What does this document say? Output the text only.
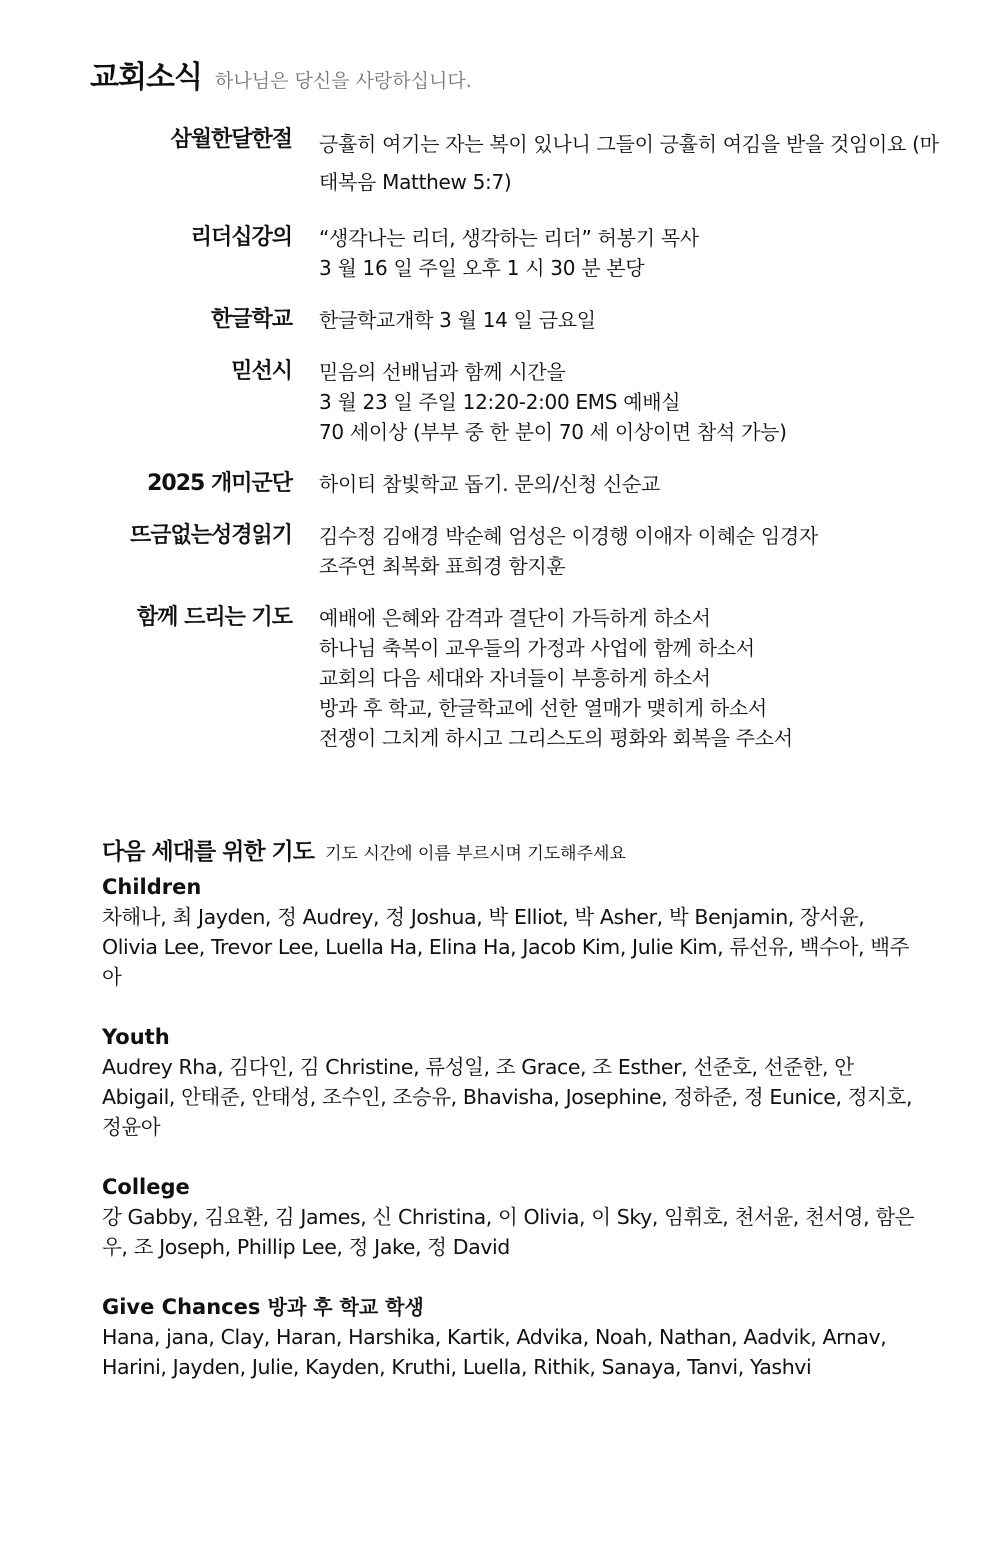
교회소식 하나님은 당신을 사랑하십니다.
삼월한달한절 긍휼히 여기는 자는 복이 있나니 그들이 긍휼히 여김을 받을 것임이요 (마태복음 Matthew 5:7)
리더십강의 “생각나는 리더, 생각하는 리더” 허봉기 목사
3 월 16 일 주일 오후 1 시 30 분 본당
한글학교 한글학교개학 3 월 14 일 금요일
믿선시 믿음의 선배님과 함께 시간을
3 월 23 일 주일 12:20-2:00 EMS 예배실
70 세이상 (부부 중 한 분이 70 세 이상이면 참석 가능)
2025 개미군단 하이티 참빛학교 돕기. 문의/신청 신순교
뜨금없는성경읽기 김수정 김애경 박순혜 엄성은 이경행 이애자 이혜순 임경자
조주연 최복화 표희경 함지훈
함께 드리는 기도 예배에 은혜와 감격과 결단이 가득하게 하소서
하나님 축복이 교우들의 가정과 사업에 함께 하소서
교회의 다음 세대와 자녀들이 부흥하게 하소서
방과 후 학교, 한글학교에 선한 열매가 맺히게 하소서
전쟁이 그치게 하시고 그리스도의 평화와 회복을 주소서
다음 세대를 위한 기도 기도 시간에 이름 부르시며 기도해주세요
Children
차해나, 최 Jayden, 정 Audrey, 정 Joshua, 박 Elliot, 박 Asher, 박 Benjamin, 장서윤, Olivia Lee, Trevor Lee, Luella Ha, Elina Ha, Jacob Kim, Julie Kim, 류선유, 백수아, 백주아
Youth
Audrey Rha, 김다인, 김 Christine, 류성일, 조 Grace, 조 Esther, 선준호, 선준한, 안 Abigail, 안태준, 안태성, 조수인, 조승유, Bhavisha, Josephine, 정하준, 정 Eunice, 정지호, 정윤아
College
강 Gabby, 김요환, 김 James, 신 Christina, 이 Olivia, 이 Sky, 임휘호, 천서윤, 천서영, 함은우, 조 Joseph, Phillip Lee, 정 Jake, 정 David
Give Chances 방과 후 학교 학생
Hana, jana, Clay, Haran, Harshika, Kartik, Advika, Noah, Nathan, Aadvik, Arnav, Harini, Jayden, Julie, Kayden, Kruthi, Luella, Rithik, Sanaya, Tanvi, Yashvi
